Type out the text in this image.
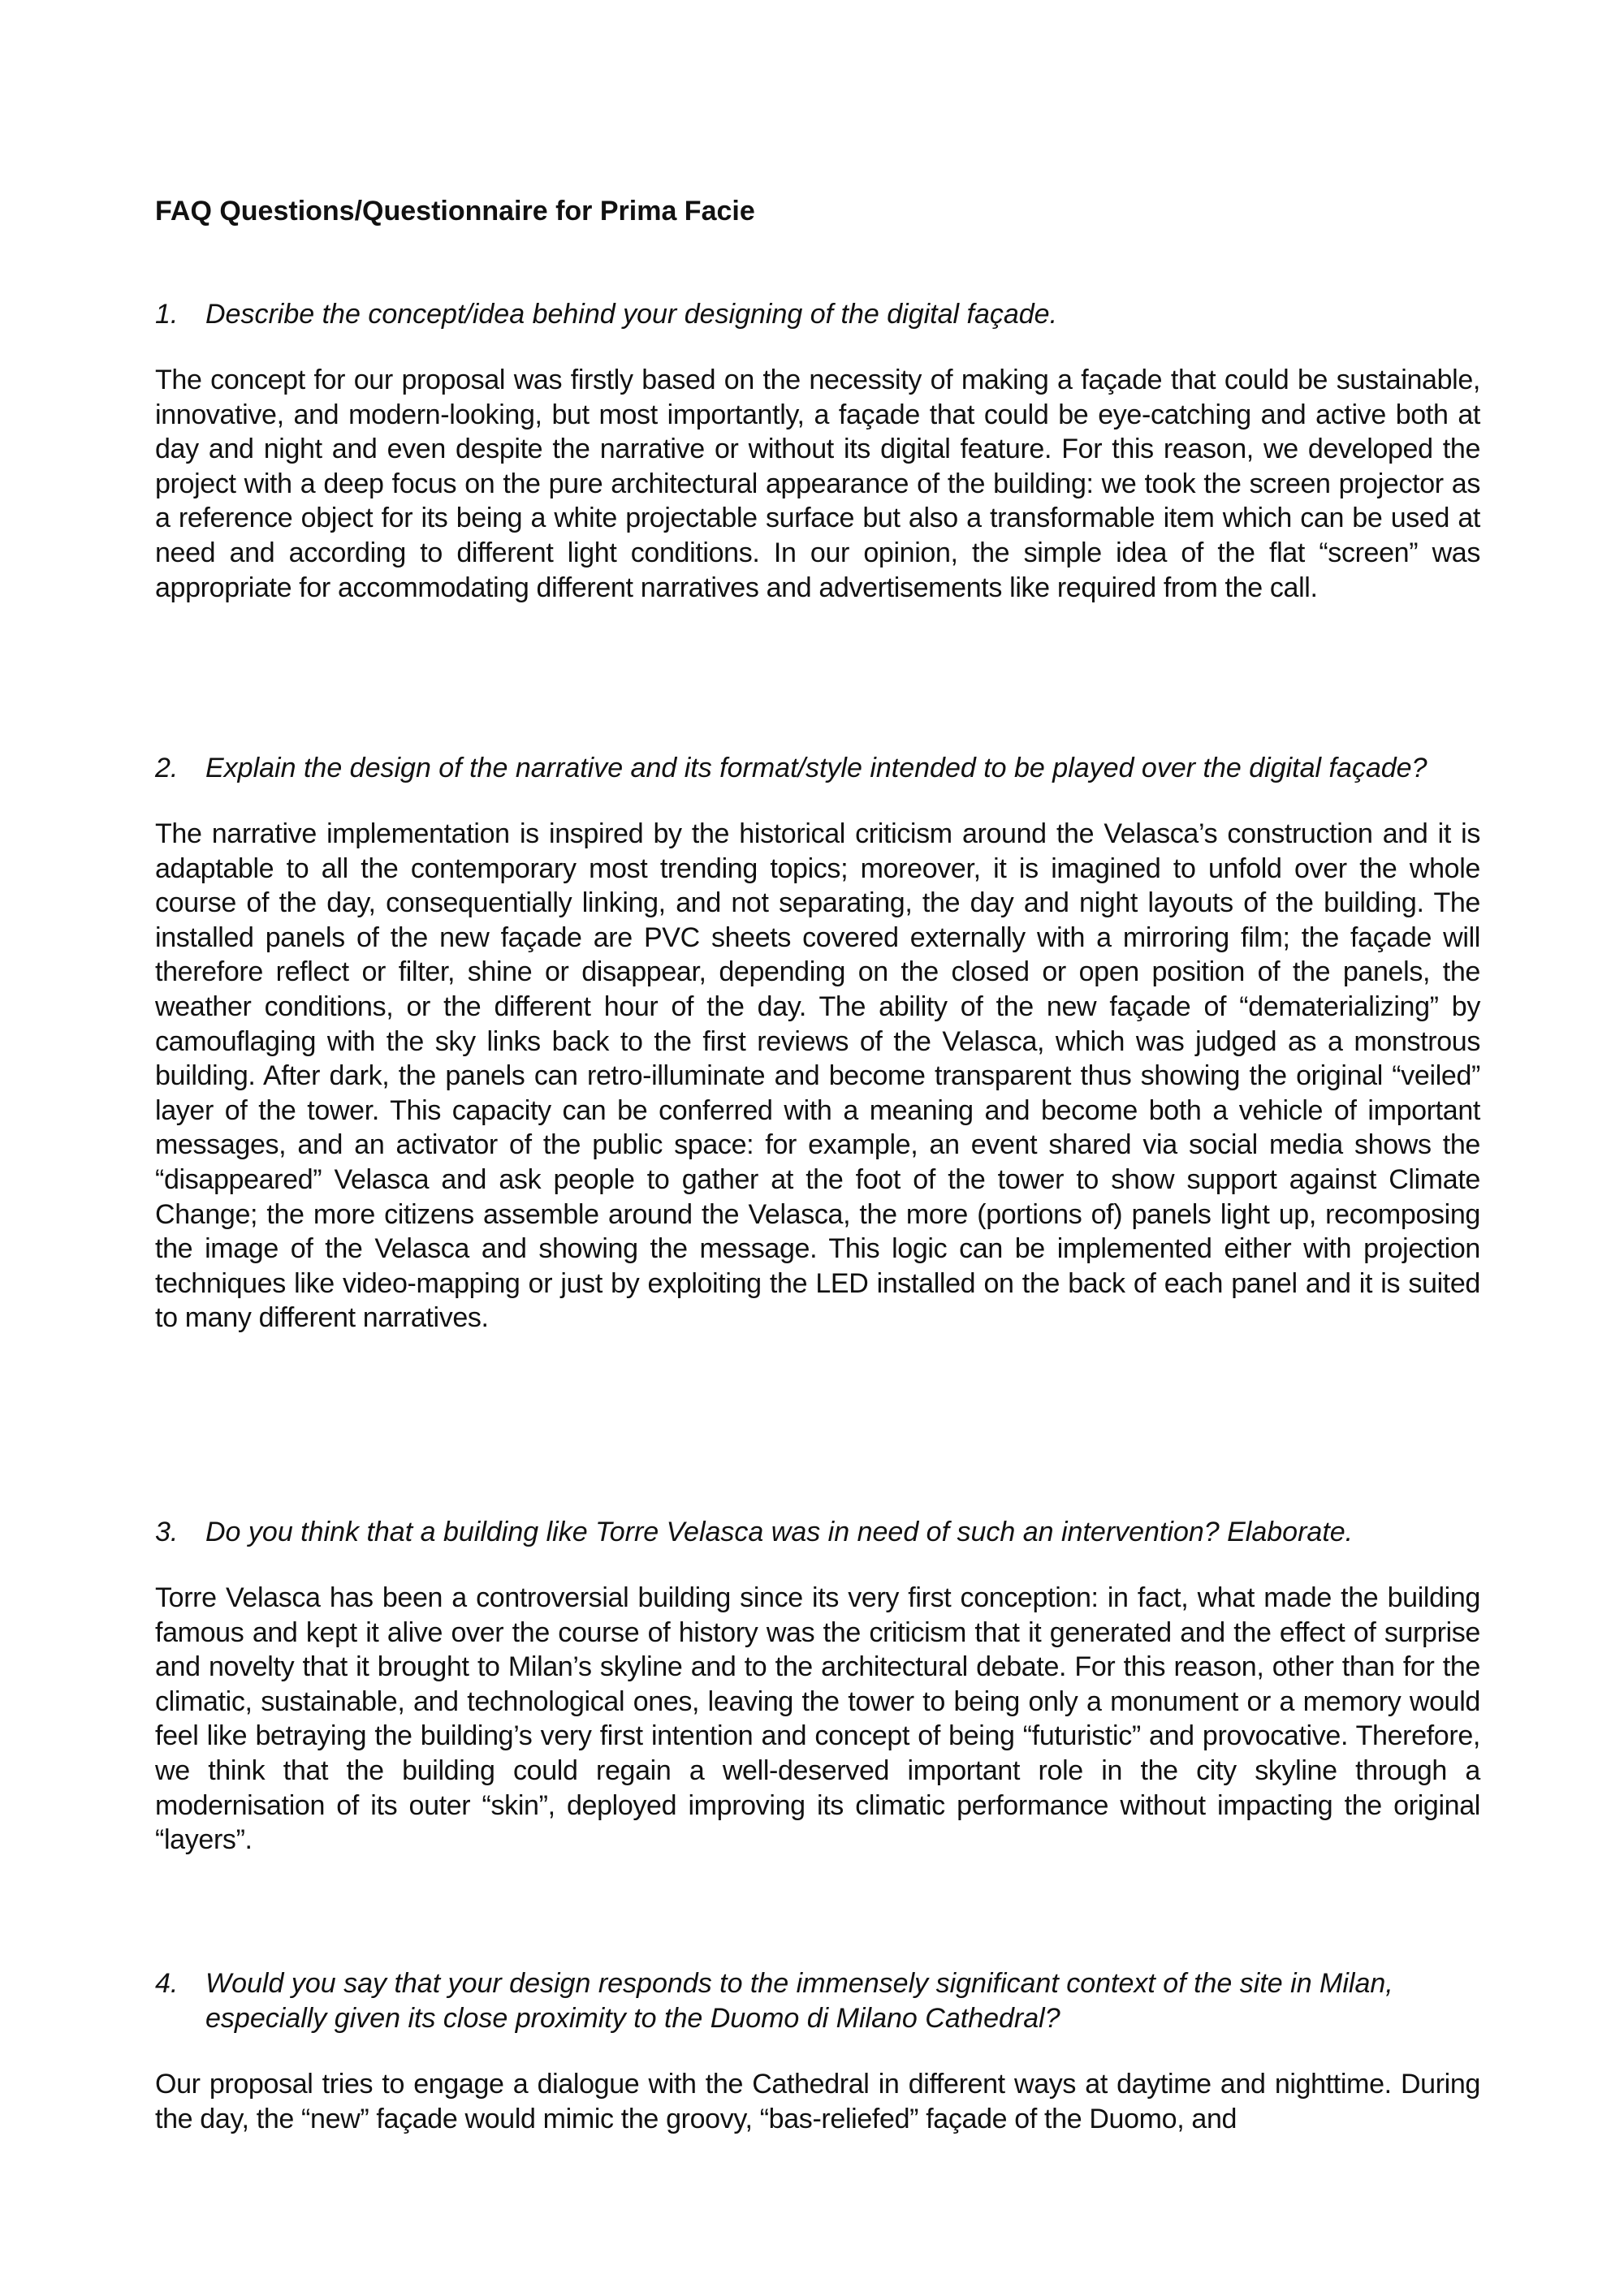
FAQ Questions/Questionnaire for Prima Facie

1. Describe the concept/idea behind your designing of the digital façade.

The concept for our proposal was firstly based on the necessity of making a façade that could be sustainable, innovative, and modern-looking, but most importantly, a façade that could be eye-catching and active both at day and night and even despite the narrative or without its digital feature. For this reason, we developed the project with a deep focus on the pure architectural appearance of the building: we took the screen projector as a reference object for its being a white projectable surface but also a transformable item which can be used at need and according to different light conditions. In our opinion, the simple idea of the flat “screen” was appropriate for accommodating different narratives and advertisements like required from the call.

2. Explain the design of the narrative and its format/style intended to be played over the digital façade?

The narrative implementation is inspired by the historical criticism around the Velasca’s construction and it is adaptable to all the contemporary most trending topics; moreover, it is imagined to unfold over the whole course of the day, consequentially linking, and not separating, the day and night layouts of the building. The installed panels of the new façade are PVC sheets covered externally with a mirroring film; the façade will therefore reflect or filter, shine or disappear, depending on the closed or open position of the panels, the weather conditions, or the different hour of the day. The ability of the new façade of “dematerializing” by camouflaging with the sky links back to the first reviews of the Velasca, which was judged as a monstrous building. After dark, the panels can retro-illuminate and become transparent thus showing the original “veiled” layer of the tower. This capacity can be conferred with a meaning and become both a vehicle of important messages, and an activator of the public space: for example, an event shared via social media shows the “disappeared” Velasca and ask people to gather at the foot of the tower to show support against Climate Change; the more citizens assemble around the Velasca, the more (portions of) panels light up, recomposing the image of the Velasca and showing the message. This logic can be implemented either with projection techniques like video-mapping or just by exploiting the LED installed on the back of each panel and it is suited to many different narratives.

3. Do you think that a building like Torre Velasca was in need of such an intervention? Elaborate.

Torre Velasca has been a controversial building since its very first conception: in fact, what made the building famous and kept it alive over the course of history was the criticism that it generated and the effect of surprise and novelty that it brought to Milan’s skyline and to the architectural debate. For this reason, other than for the climatic, sustainable, and technological ones, leaving the tower to being only a monument or a memory would feel like betraying the building’s very first intention and concept of being “futuristic” and provocative. Therefore, we think that the building could regain a well-deserved important role in the city skyline through a modernisation of its outer “skin”, deployed improving its climatic performance without impacting the original “layers”.

4. Would you say that your design responds to the immensely significant context of the site in Milan, especially given its close proximity to the Duomo di Milano Cathedral?

Our proposal tries to engage a dialogue with the Cathedral in different ways at daytime and nighttime. During the day, the “new” façade would mimic the groovy, “bas-reliefed” façade of the Duomo, and
